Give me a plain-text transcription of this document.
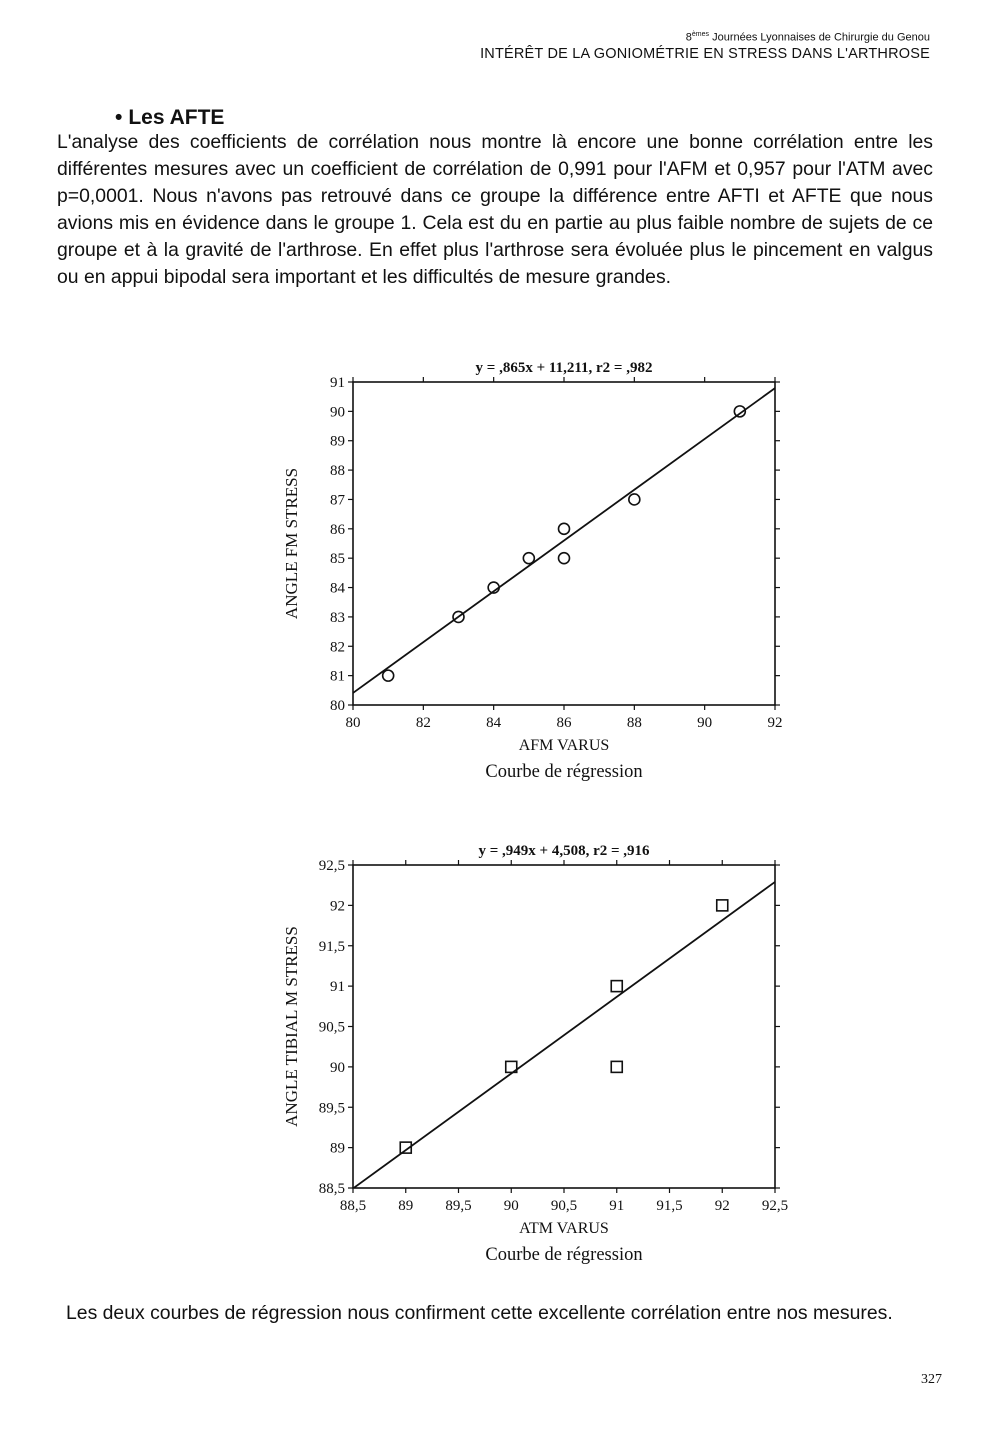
8èmes Journées Lyonnaises de Chirurgie du Genou
INTÉRÊT DE LA GONIOMÉTRIE EN STRESS DANS L'ARTHROSE
• Les AFTE
L'analyse des coefficients de corrélation nous montre là encore une bonne corrélation entre les différentes mesures avec un coefficient de corrélation de 0,991 pour l'AFM et 0,957 pour l'ATM avec p=0,0001. Nous n'avons pas retrouvé dans ce groupe la différence entre AFTI et AFTE que nous avions mis en évidence dans le groupe 1. Cela est du en partie au plus faible nombre de sujets de ce groupe et à la gravité de l'arthrose. En effet plus l'arthrose sera évoluée plus le pincement en valgus ou en appui bipodal sera important et les difficultés de mesure grandes.
y = ,865x + 11,211, r2 = ,982
80	82	84	86	88	90	92
80
81
82
83
84
85
86
87
88
89
90
91
AFM VARUS
Courbe de régression
ANGLE FM STRESS
y = ,949x + 4,508, r2 = ,916
88,5 89 89,5 90 90,5 91 91,5 92 92,5
88,5
89
89,5
90
90,5
91
91,5
92
92,5
ATM VARUS
Courbe de régression
ANGLE TIBIAL M STRESS
Les deux courbes de régression nous confirment cette excellente corrélation entre nos mesures.
327
